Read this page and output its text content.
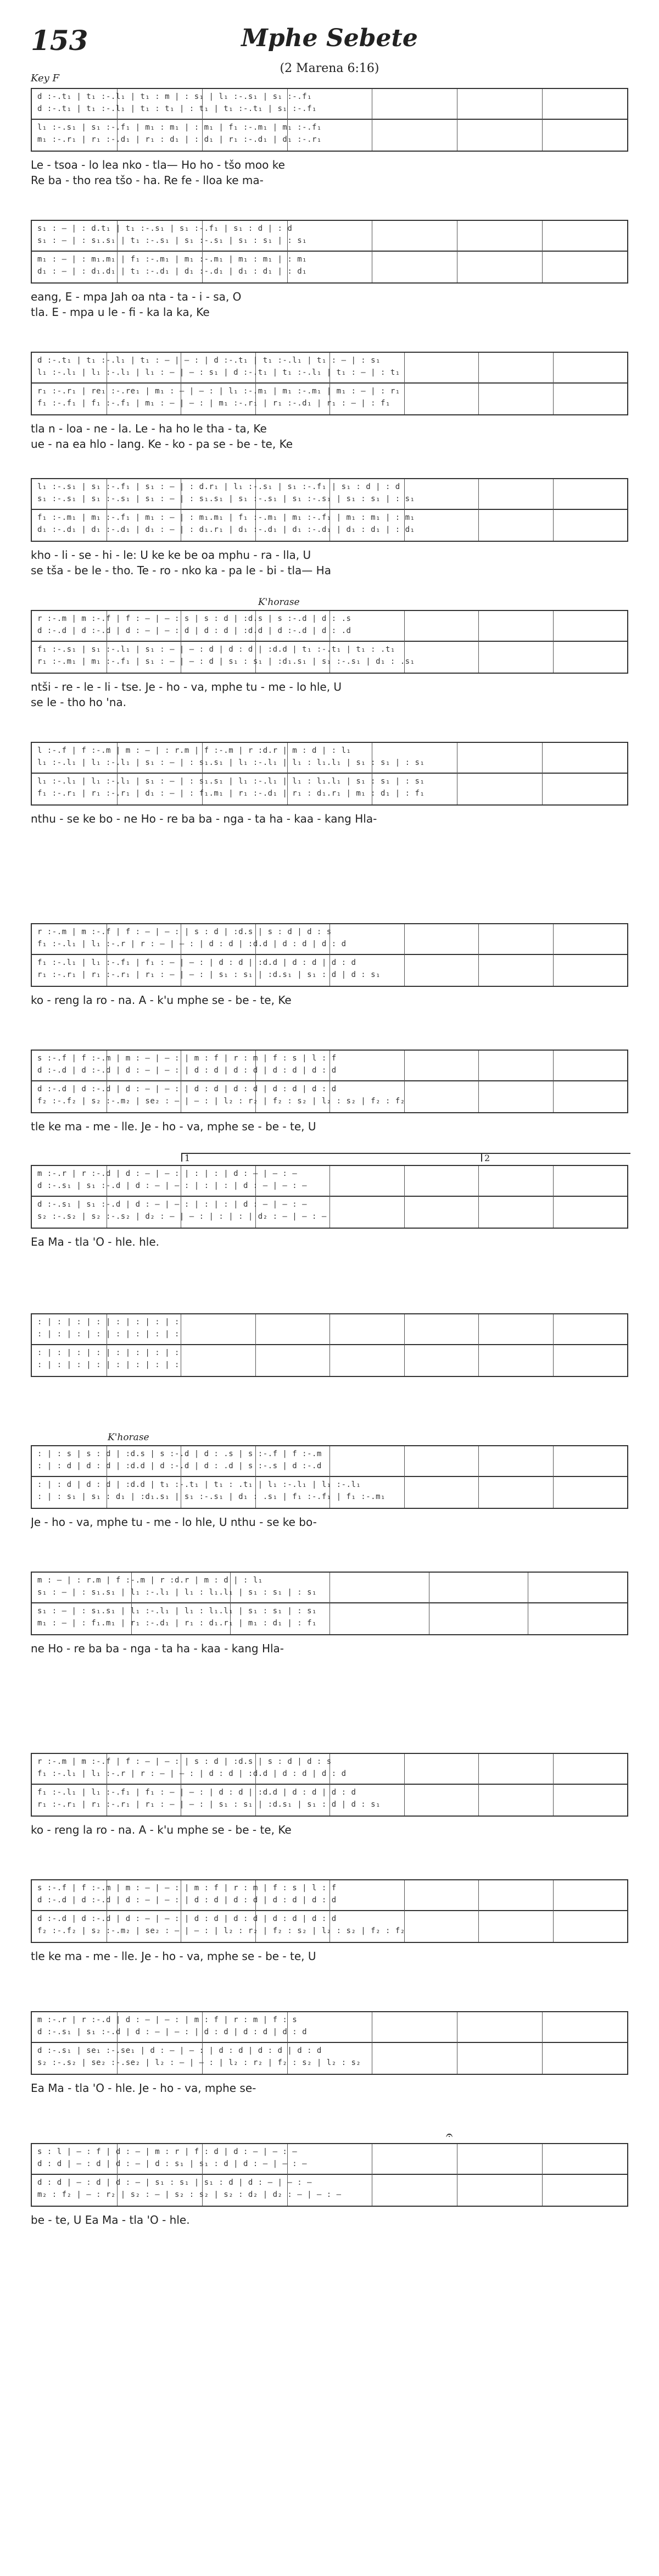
153	Mphe Sebete
(2 Marena 6:16)
Key F
d :-.t₁ | t₁ :-.l₁ | t₁ : m | : s₁ | l₁ :-.s₁ | s₁ :-.f₁
d :-.t₁ | t₁ :-.l₁ | t₁ : t₁ | : t₁ | t₁ :-.t₁ | s₁ :-.f₁
l₁ :-.s₁ | s₁ :-.f₁ | m₁ : m₁ | : m₁ | f₁ :-.m₁ | m₁ :-.f₁
m₁ :-.r₁ | r₁ :-.d₁ | r₁ : d₁ | : d₁ | r₁ :-.d₁ | d₁ :-.r₁
Le - tsoa - lo lea nko - tla— Ho ho - tšo moo ke
Re ba - tho rea tšo - ha. Re fe - lloa ke ma-
s₁ : — | : d.t₁ | t₁ :-.s₁ | s₁ :-.f₁ | s₁ : d | : d
s₁ : — | : s₁.s₁ | t₁ :-.s₁ | s₁ :-.s₁ | s₁ : s₁ | : s₁
m₁ : — | : m₁.m₁ | f₁ :-.m₁ | m₁ :-.m₁ | m₁ : m₁ | : m₁
d₁ : — | : d₁.d₁ | t₁ :-.d₁ | d₁ :-.d₁ | d₁ : d₁ | : d₁
eang, E - mpa Jah oa nta - ta - i - sa, O
tla. E - mpa u le - fi - ka la ka, Ke
d :-.t₁ | t₁ :-.l₁ | t₁ : — | — : | d :-.t₁ | t₁ :-.l₁ | t₁ : — | : s₁
l₁ :-.l₁ | l₁ :-.l₁ | l₁ : — | — : s₁ | d :-.t₁ | t₁ :-.l₁ | t₁ : — | : t₁
r₁ :-.r₁ | re₁ :-.re₁ | m₁ : — | — : | l₁ :-.m₁ | m₁ :-.m₁ | m₁ : — | : r₁
f₁ :-.f₁ | f₁ :-.f₁ | m₁ : — | — : | m₁ :-.r₁ | r₁ :-.d₁ | r₁ : — | : f₁
tla n - loa - ne - la. Le - ha ho le tha - ta, Ke
ue - na ea hlo - lang. Ke - ko - pa se - be - te, Ke
l₁ :-.s₁ | s₁ :-.f₁ | s₁ : — | : d.r₁ | l₁ :-.s₁ | s₁ :-.f₁ | s₁ : d | : d
s₁ :-.s₁ | s₁ :-.s₁ | s₁ : — | : s₁.s₁ | s₁ :-.s₁ | s₁ :-.s₁ | s₁ : s₁ | : s₁
f₁ :-.m₁ | m₁ :-.f₁ | m₁ : — | : m₁.m₁ | f₁ :-.m₁ | m₁ :-.f₁ | m₁ : m₁ | : m₁
d₁ :-.d₁ | d₁ :-.d₁ | d₁ : — | : d₁.r₁ | d₁ :-.d₁ | d₁ :-.d₁ | d₁ : d₁ | : d₁
kho - li - se - hi - le: U ke ke be oa mphu - ra - lla, U
se tša - be le - tho. Te - ro - nko ka - pa le - bi - tla— Ha
r :-.m | m :-.f | f : — | — : s | s : d | :d.s | s :-.d | d : .s
d :-.d | d :-.d | d : — | — : d | d : d | :d.d | d :-.d | d : .d
f₁ :-.s₁ | s₁ :-.l₁ | s₁ : — | — : d | d : d | :d.d | t₁ :-.t₁ | t₁ : .t₁
r₁ :-.m₁ | m₁ :-.f₁ | s₁ : — | — : d | s₁ : s₁ | :d₁.s₁ | s₁ :-.s₁ | d₁ : .s₁
ntši - re - le - li - tse. Je - ho - va, mphe tu - me - lo hle, U
se le - tho ho 'na.
l :-.f | f :-.m | m : — | : r.m | f :-.m | r :d.r | m : d | : l₁
l₁ :-.l₁ | l₁ :-.l₁ | s₁ : — | : s₁.s₁ | l₁ :-.l₁ | l₁ : l₁.l₁ | s₁ : s₁ | : s₁
l₁ :-.l₁ | l₁ :-.l₁ | s₁ : — | : s₁.s₁ | l₁ :-.l₁ | l₁ : l₁.l₁ | s₁ : s₁ | : s₁
f₁ :-.r₁ | r₁ :-.r₁ | d₁ : — | : f₁.m₁ | r₁ :-.d₁ | r₁ : d₁.r₁ | m₁ : d₁ | : f₁
nthu - se ke bo - ne Ho - re ba ba - nga - ta ha - kaa - kang Hla-
r :-.m | m :-.f | f : — | — : | s : d | :d.s | s : d | d : s
f₁ :-.l₁ | l₁ :-.r | r : — | — : | d : d | :d.d | d : d | d : d
f₁ :-.l₁ | l₁ :-.f₁ | f₁ : — | — : | d : d | :d.d | d : d | d : d
r₁ :-.r₁ | r₁ :-.r₁ | r₁ : — | — : | s₁ : s₁ | :d.s₁ | s₁ : d | d : s₁
ko - reng la ro - na. A - k'u mphe se - be - te, Ke
s :-.f | f :-.m | m : — | — : | m : f | r : m | f : s | l : f
d :-.d | d :-.d | d : — | — : | d : d | d : d | d : d | d : d
d :-.d | d :-.d | d : — | — : | d : d | d : d | d : d | d : d
f₂ :-.f₂ | s₂ :-.m₂ | se₂ : — | — : | l₂ : r₂ | f₂ : s₂ | l₂ : s₂ | f₂ : f₂
tle ke ma - me - lle. Je - ho - va, mphe se - be - te, U
m :-.r | r :-.d | d : — | — : | : | : | d : — | — : —
d :-.s₁ | s₁ :-.d | d : — | — : | : | : | d : — | — : —
d :-.s₁ | s₁ :-.d | d : — | — : | : | : | d : — | — : —
s₂ :-.s₂ | s₂ :-.s₂ | d₂ : — | — : | : | : | d₂ : — | — : —
Ea Ma - tla 'O - hle. hle.
: | : | : | : | : | : | : | :
: | : | : | : | : | : | : | :
: | : | : | : | : | : | : | :
: | : | : | : | : | : | : | :
: | : s | s : d | :d.s | s :-.d | d : .s | s :-.f | f :-.m
: | : d | d : d | :d.d | d :-.d | d : .d | s :-.s | d :-.d
: | : d | d : d | :d.d | t₁ :-.t₁ | t₁ : .t₁ | l₁ :-.l₁ | l₁ :-.l₁
: | : s₁ | s₁ : d₁ | :d₁.s₁ | s₁ :-.s₁ | d₁ : .s₁ | f₁ :-.f₁ | f₁ :-.m₁
Je - ho - va, mphe tu - me - lo hle, U nthu - se ke bo-
m : — | : r.m | f :-.m | r :d.r | m : d | : l₁
s₁ : — | : s₁.s₁ | l₁ :-.l₁ | l₁ : l₁.l₁ | s₁ : s₁ | : s₁
s₁ : — | : s₁.s₁ | l₁ :-.l₁ | l₁ : l₁.l₁ | s₁ : s₁ | : s₁
m₁ : — | : f₁.m₁ | r₁ :-.d₁ | r₁ : d₁.r₁ | m₁ : d₁ | : f₁
ne Ho - re ba ba - nga - ta ha - kaa - kang Hla-
r :-.m | m :-.f | f : — | — : | s : d | :d.s | s : d | d : s
f₁ :-.l₁ | l₁ :-.r | r : — | — : | d : d | :d.d | d : d | d : d
f₁ :-.l₁ | l₁ :-.f₁ | f₁ : — | — : | d : d | :d.d | d : d | d : d
r₁ :-.r₁ | r₁ :-.r₁ | r₁ : — | — : | s₁ : s₁ | :d.s₁ | s₁ : d | d : s₁
ko - reng la ro - na. A - k'u mphe se - be - te, Ke
s :-.f | f :-.m | m : — | — : | m : f | r : m | f : s | l : f
d :-.d | d :-.d | d : — | — : | d : d | d : d | d : d | d : d
d :-.d | d :-.d | d : — | — : | d : d | d : d | d : d | d : d
f₂ :-.f₂ | s₂ :-.m₂ | se₂ : — | — : | l₂ : r₂ | f₂ : s₂ | l₂ : s₂ | f₂ : f₂
tle ke ma - me - lle. Je - ho - va, mphe se - be - te, U
m :-.r | r :-.d | d : — | — : | m : f | r : m | f : s
d :-.s₁ | s₁ :-.d | d : — | — : | d : d | d : d | d : d
d :-.s₁ | se₁ :-.se₁ | d : — | — : | d : d | d : d | d : d
s₂ :-.s₂ | se₂ :-.se₂ | l₂ : — | — : | l₂ : r₂ | f₂ : s₂ | l₂ : s₂
Ea Ma - tla 'O - hle. Je - ho - va, mphe se-
s : l | — : f | d : — | m : r | f : d | d : — | — : —
d : d | — : d | d : — | d : s₁ | s₁ : d | d : — | — : —
d : d | — : d | d : — | s₁ : s₁ | s₁ : d | d : — | — : —
m₂ : f₂ | — : r₂ | s₂ : — | s₂ : s₂ | s₂ : d₂ | d₂ : — | — : —
be - te, U Ea Ma - tla 'O - hle.
K'horase
1	2
K'horase
𝄐
